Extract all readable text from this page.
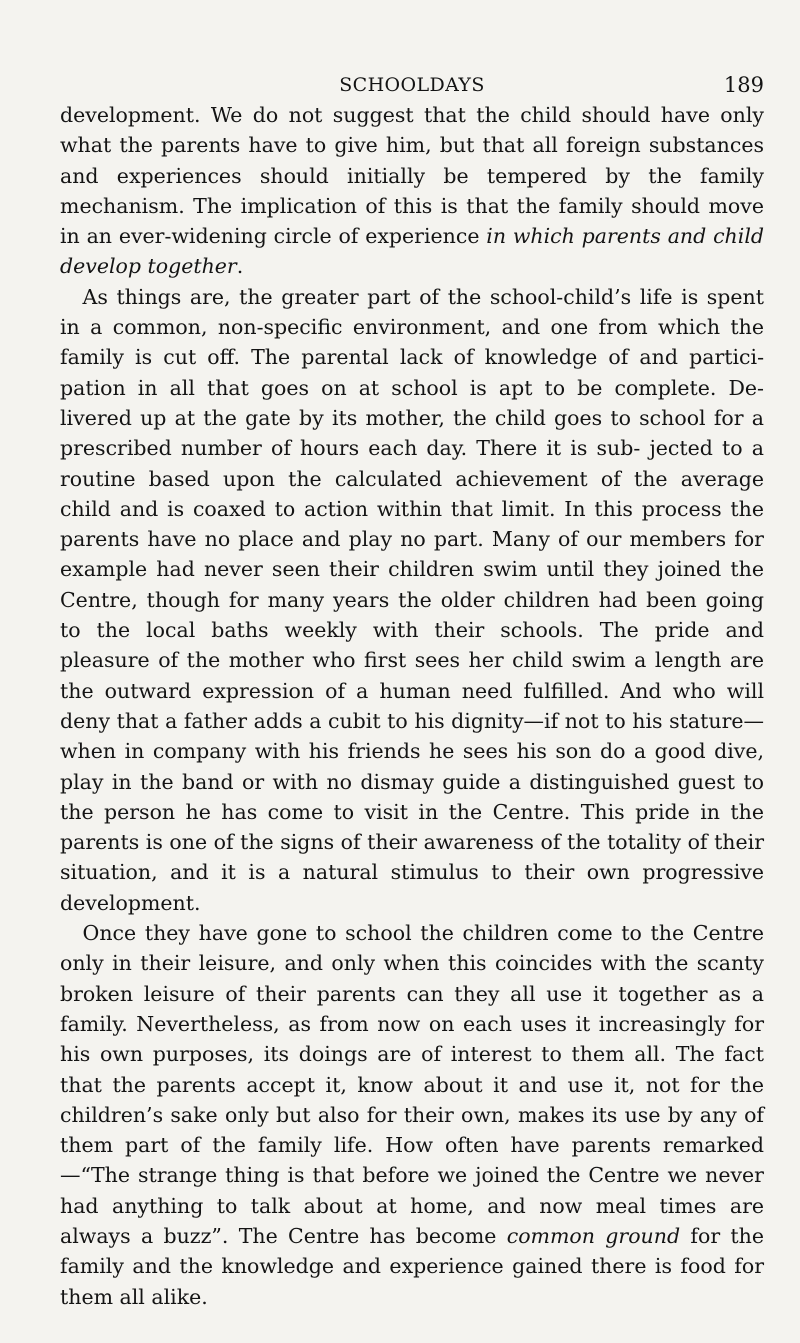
SCHOOLDAYS	189

development. We do not suggest that the child should have only what the parents have to give him, but that all foreign substances and experiences should initially be tempered by the family mechanism. The implication of this is that the family should move in an ever-widening circle of experience in which parents and child develop together.

As things are, the greater part of the school-child’s life is spent in a common, non-specific environment, and one from which the family is cut off. The parental lack of knowledge of and partici- pation in all that goes on at school is apt to be complete. De- livered up at the gate by its mother, the child goes to school for a prescribed number of hours each day. There it is sub- jected to a routine based upon the calculated achievement of the average child and is coaxed to action within that limit. In this process the parents have no place and play no part. Many of our members for example had never seen their children swim until they joined the Centre, though for many years the older children had been going to the local baths weekly with their schools. The pride and pleasure of the mother who first sees her child swim a length are the outward expression of a human need fulfilled. And who will deny that a father adds a cubit to his dignity—if not to his stature—when in company with his friends he sees his son do a good dive, play in the band or with no dismay guide a distinguished guest to the person he has come to visit in the Centre. This pride in the parents is one of the signs of their awareness of the totality of their situation, and it is a natural stimulus to their own progressive development.

Once they have gone to school the children come to the Centre only in their leisure, and only when this coincides with the scanty broken leisure of their parents can they all use it together as a family. Nevertheless, as from now on each uses it increasingly for his own purposes, its doings are of interest to them all. The fact that the parents accept it, know about it and use it, not for the children’s sake only but also for their own, makes its use by any of them part of the family life. How often have parents remarked—“The strange thing is that before we joined the Centre we never had anything to talk about at home, and now meal times are always a buzz”. The Centre has become common ground for the family and the knowledge and experience gained there is food for them all alike.
